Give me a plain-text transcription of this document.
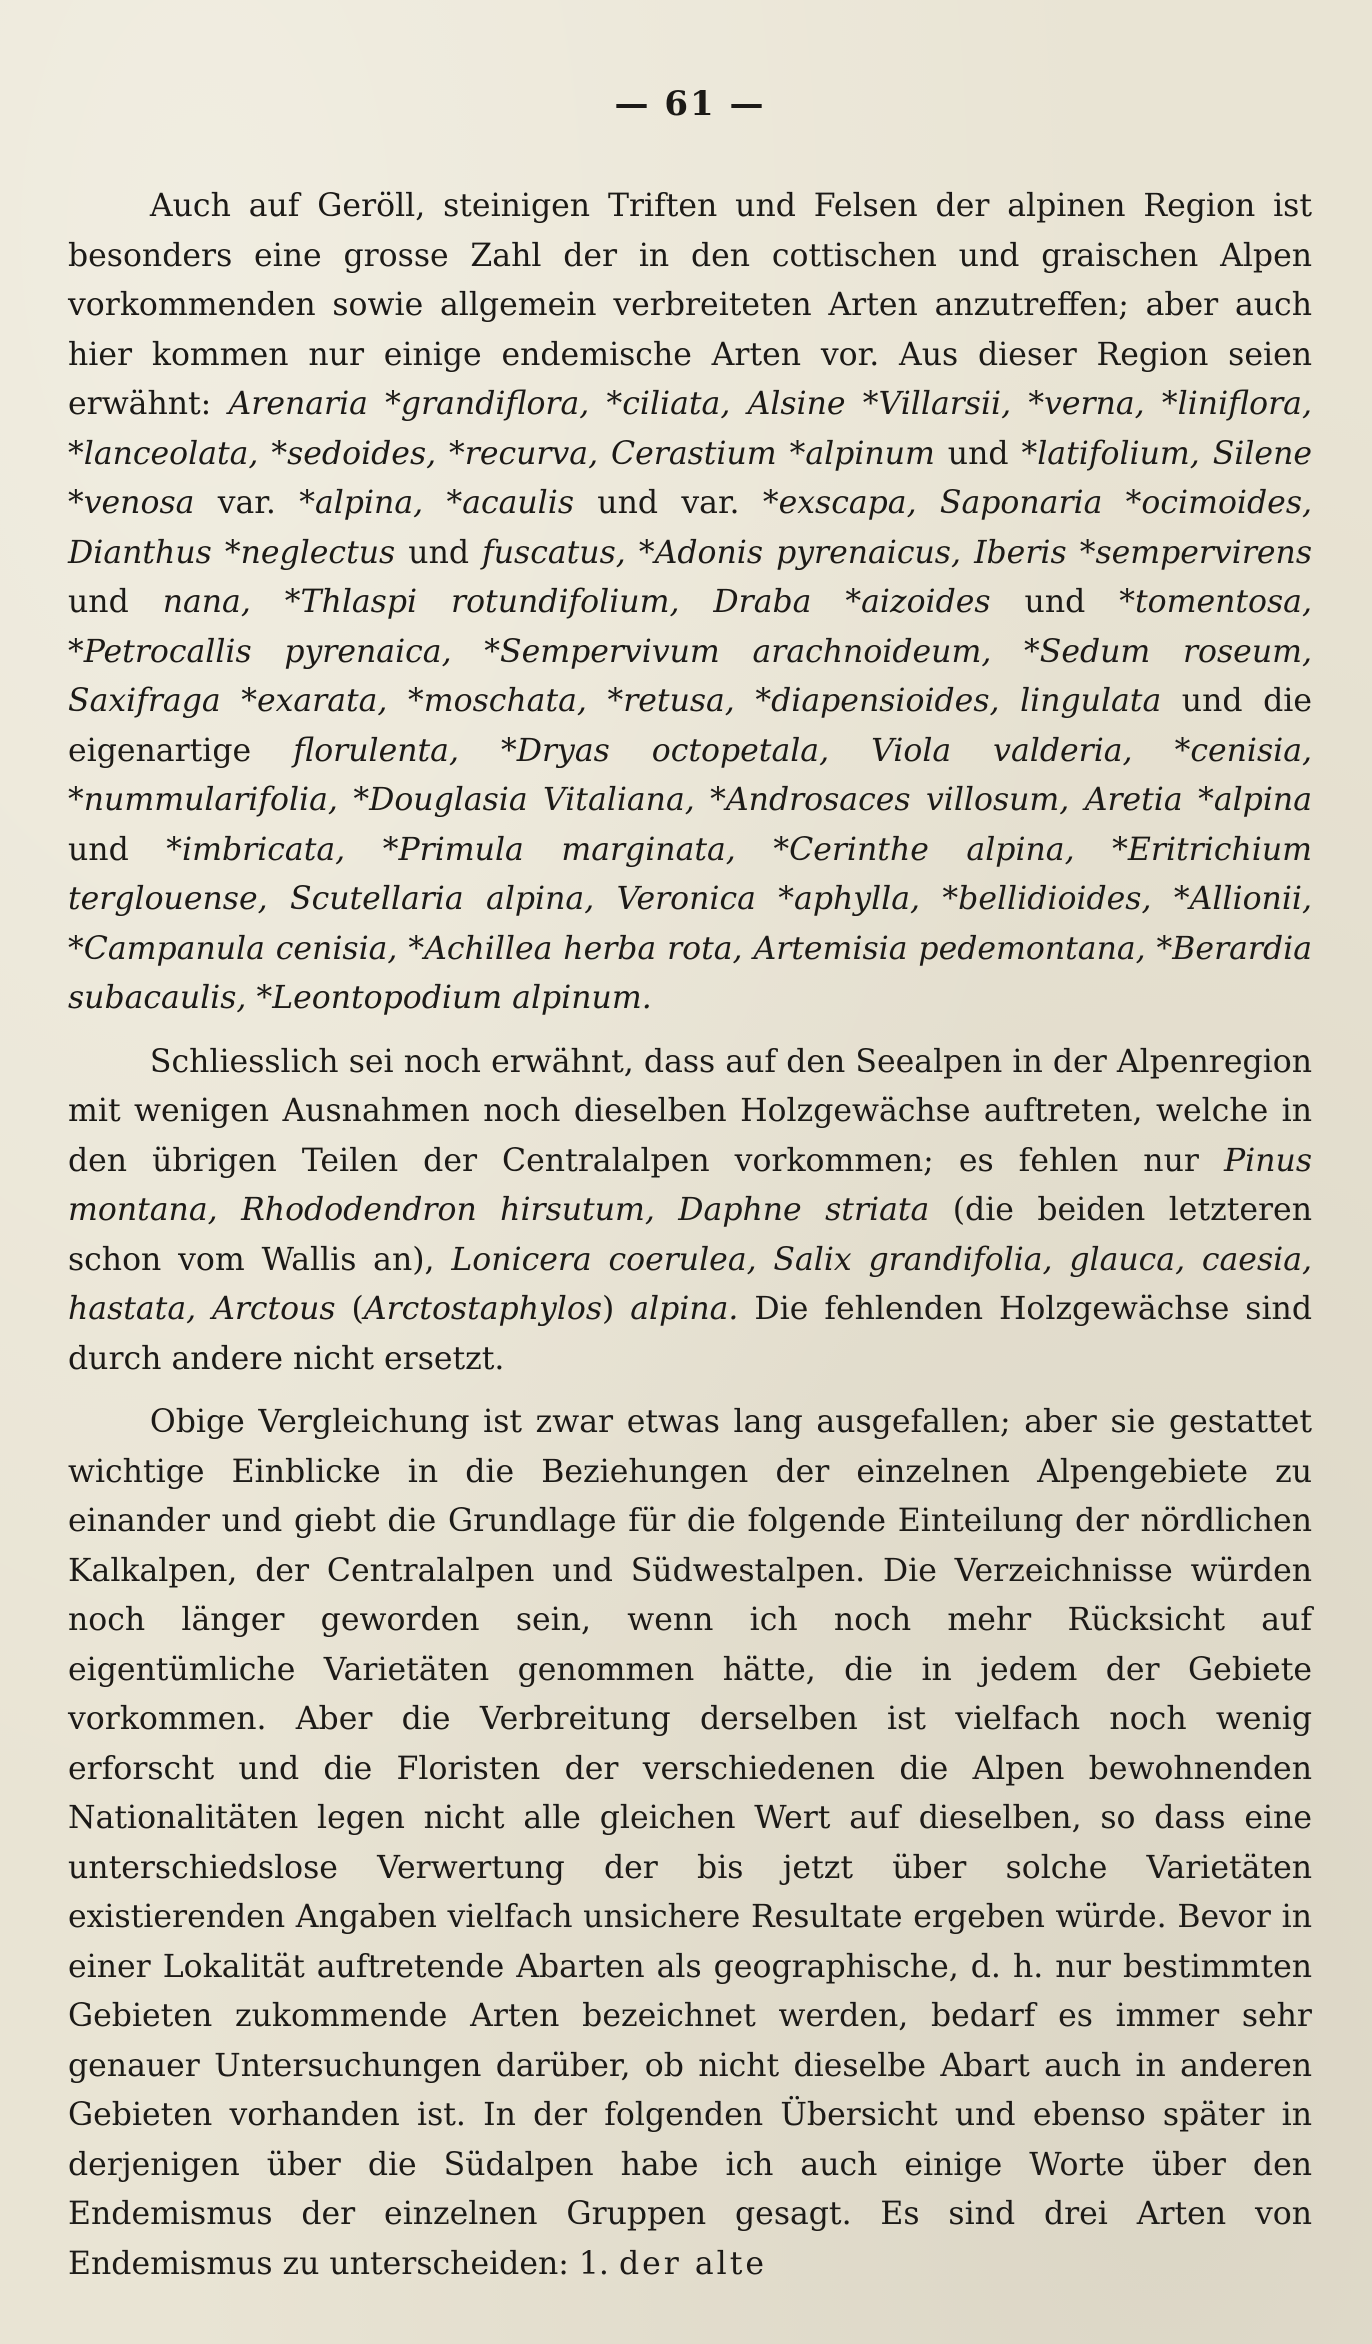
— 61 —

Auch auf Geröll, steinigen Triften und Felsen der alpinen Region ist besonders eine grosse Zahl der in den cottischen und graischen Alpen vorkommenden sowie allgemein verbreiteten Arten anzutreffen; aber auch hier kommen nur einige endemische Arten vor. Aus dieser Region seien erwähnt: Arenaria *grandiflora, *ciliata, Alsine *Villarsii, *verna, *liniflora, *lanceolata, *sedoides, *recurva, Cerastium *alpinum und *latifolium, Silene *venosa var. *alpina, *acaulis und var. *exscapa, Saponaria *ocimoides, Dianthus *neglectus und fuscatus, *Adonis pyrenaicus, Iberis *sempervirens und nana, *Thlaspi rotundifolium, Draba *aizoides und *tomentosa, *Petrocallis pyrenaica, *Sempervivum arachnoideum, *Sedum roseum, Saxifraga *exarata, *moschata, *retusa, *diapensioides, lingulata und die eigenartige florulenta, *Dryas octopetala, Viola valderia, *cenisia, *nummularifolia, *Douglasia Vitaliana, *Androsaces villosum, Aretia *alpina und *imbricata, *Primula marginata, *Cerinthe alpina, *Eritrichium terglouense, Scutellaria alpina, Veronica *aphylla, *bellidioides, *Allionii, *Campanula cenisia, *Achillea herba rota, Artemisia pedemontana, *Berardia subacaulis, *Leontopodium alpinum.

Schliesslich sei noch erwähnt, dass auf den Seealpen in der Alpenregion mit wenigen Ausnahmen noch dieselben Holzgewächse auftreten, welche in den übrigen Teilen der Centralalpen vorkommen; es fehlen nur Pinus montana, Rhododendron hirsutum, Daphne striata (die beiden letzteren schon vom Wallis an), Lonicera coerulea, Salix grandifolia, glauca, caesia, hastata, Arctous (Arctostaphylos) alpina. Die fehlenden Holzgewächse sind durch andere nicht ersetzt.

Obige Vergleichung ist zwar etwas lang ausgefallen; aber sie gestattet wichtige Einblicke in die Beziehungen der einzelnen Alpengebiete zu einander und giebt die Grundlage für die folgende Einteilung der nördlichen Kalkalpen, der Centralalpen und Südwestalpen. Die Verzeichnisse würden noch länger geworden sein, wenn ich noch mehr Rücksicht auf eigentümliche Varietäten genommen hätte, die in jedem der Gebiete vorkommen. Aber die Verbreitung derselben ist vielfach noch wenig erforscht und die Floristen der verschiedenen die Alpen bewohnenden Nationalitäten legen nicht alle gleichen Wert auf dieselben, so dass eine unterschiedslose Verwertung der bis jetzt über solche Varietäten existierenden Angaben vielfach unsichere Resultate ergeben würde. Bevor in einer Lokalität auftretende Abarten als geographische, d. h. nur bestimmten Gebieten zukommende Arten bezeichnet werden, bedarf es immer sehr genauer Untersuchungen darüber, ob nicht dieselbe Abart auch in anderen Gebieten vorhanden ist. In der folgenden Übersicht und ebenso später in derjenigen über die Südalpen habe ich auch einige Worte über den Endemismus der einzelnen Gruppen gesagt. Es sind drei Arten von Endemismus zu unterscheiden: 1. der alte
